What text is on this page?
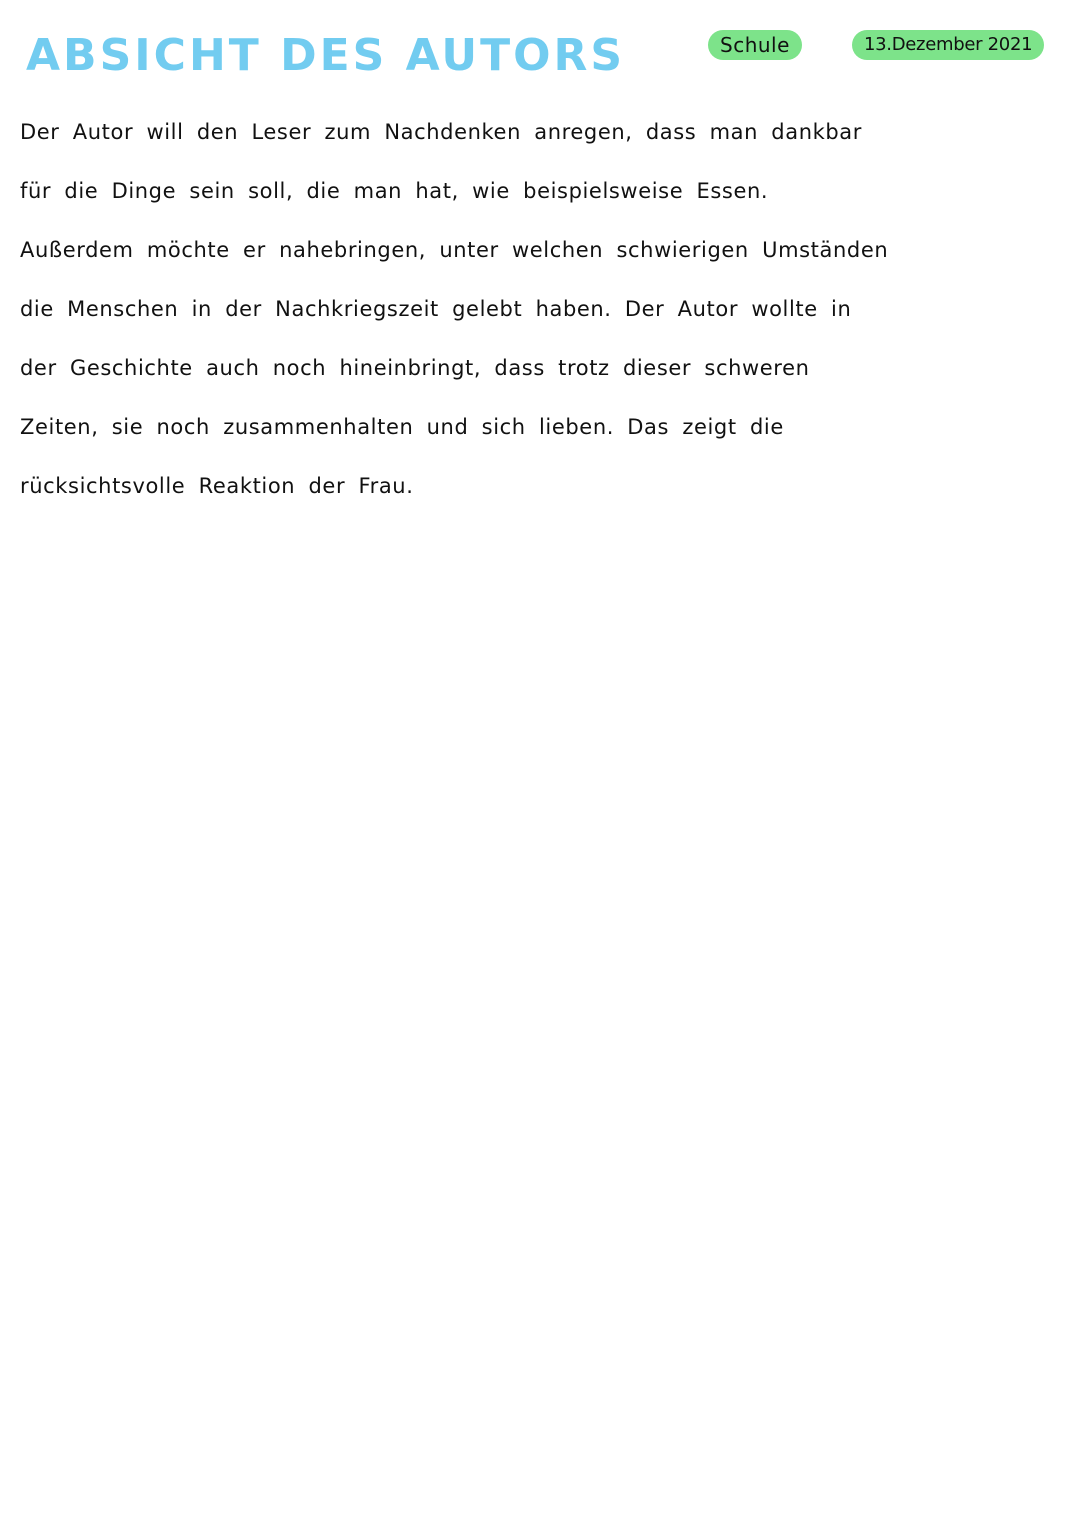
ABSICHT DES AUTORS	Schule	13.Dezember 2021
Der Autor will den Leser zum Nachdenken anregen, dass man dankbar
für die Dinge sein soll, die man hat, wie beispielsweise Essen.
Außerdem möchte er nahebringen, unter welchen schwierigen Umständen
die Menschen in der Nachkriegszeit gelebt haben. Der Autor wollte in
der Geschichte auch noch hineinbringt, dass trotz dieser schweren
Zeiten, sie noch zusammenhalten und sich lieben. Das zeigt die
rücksichtsvolle Reaktion der Frau.
